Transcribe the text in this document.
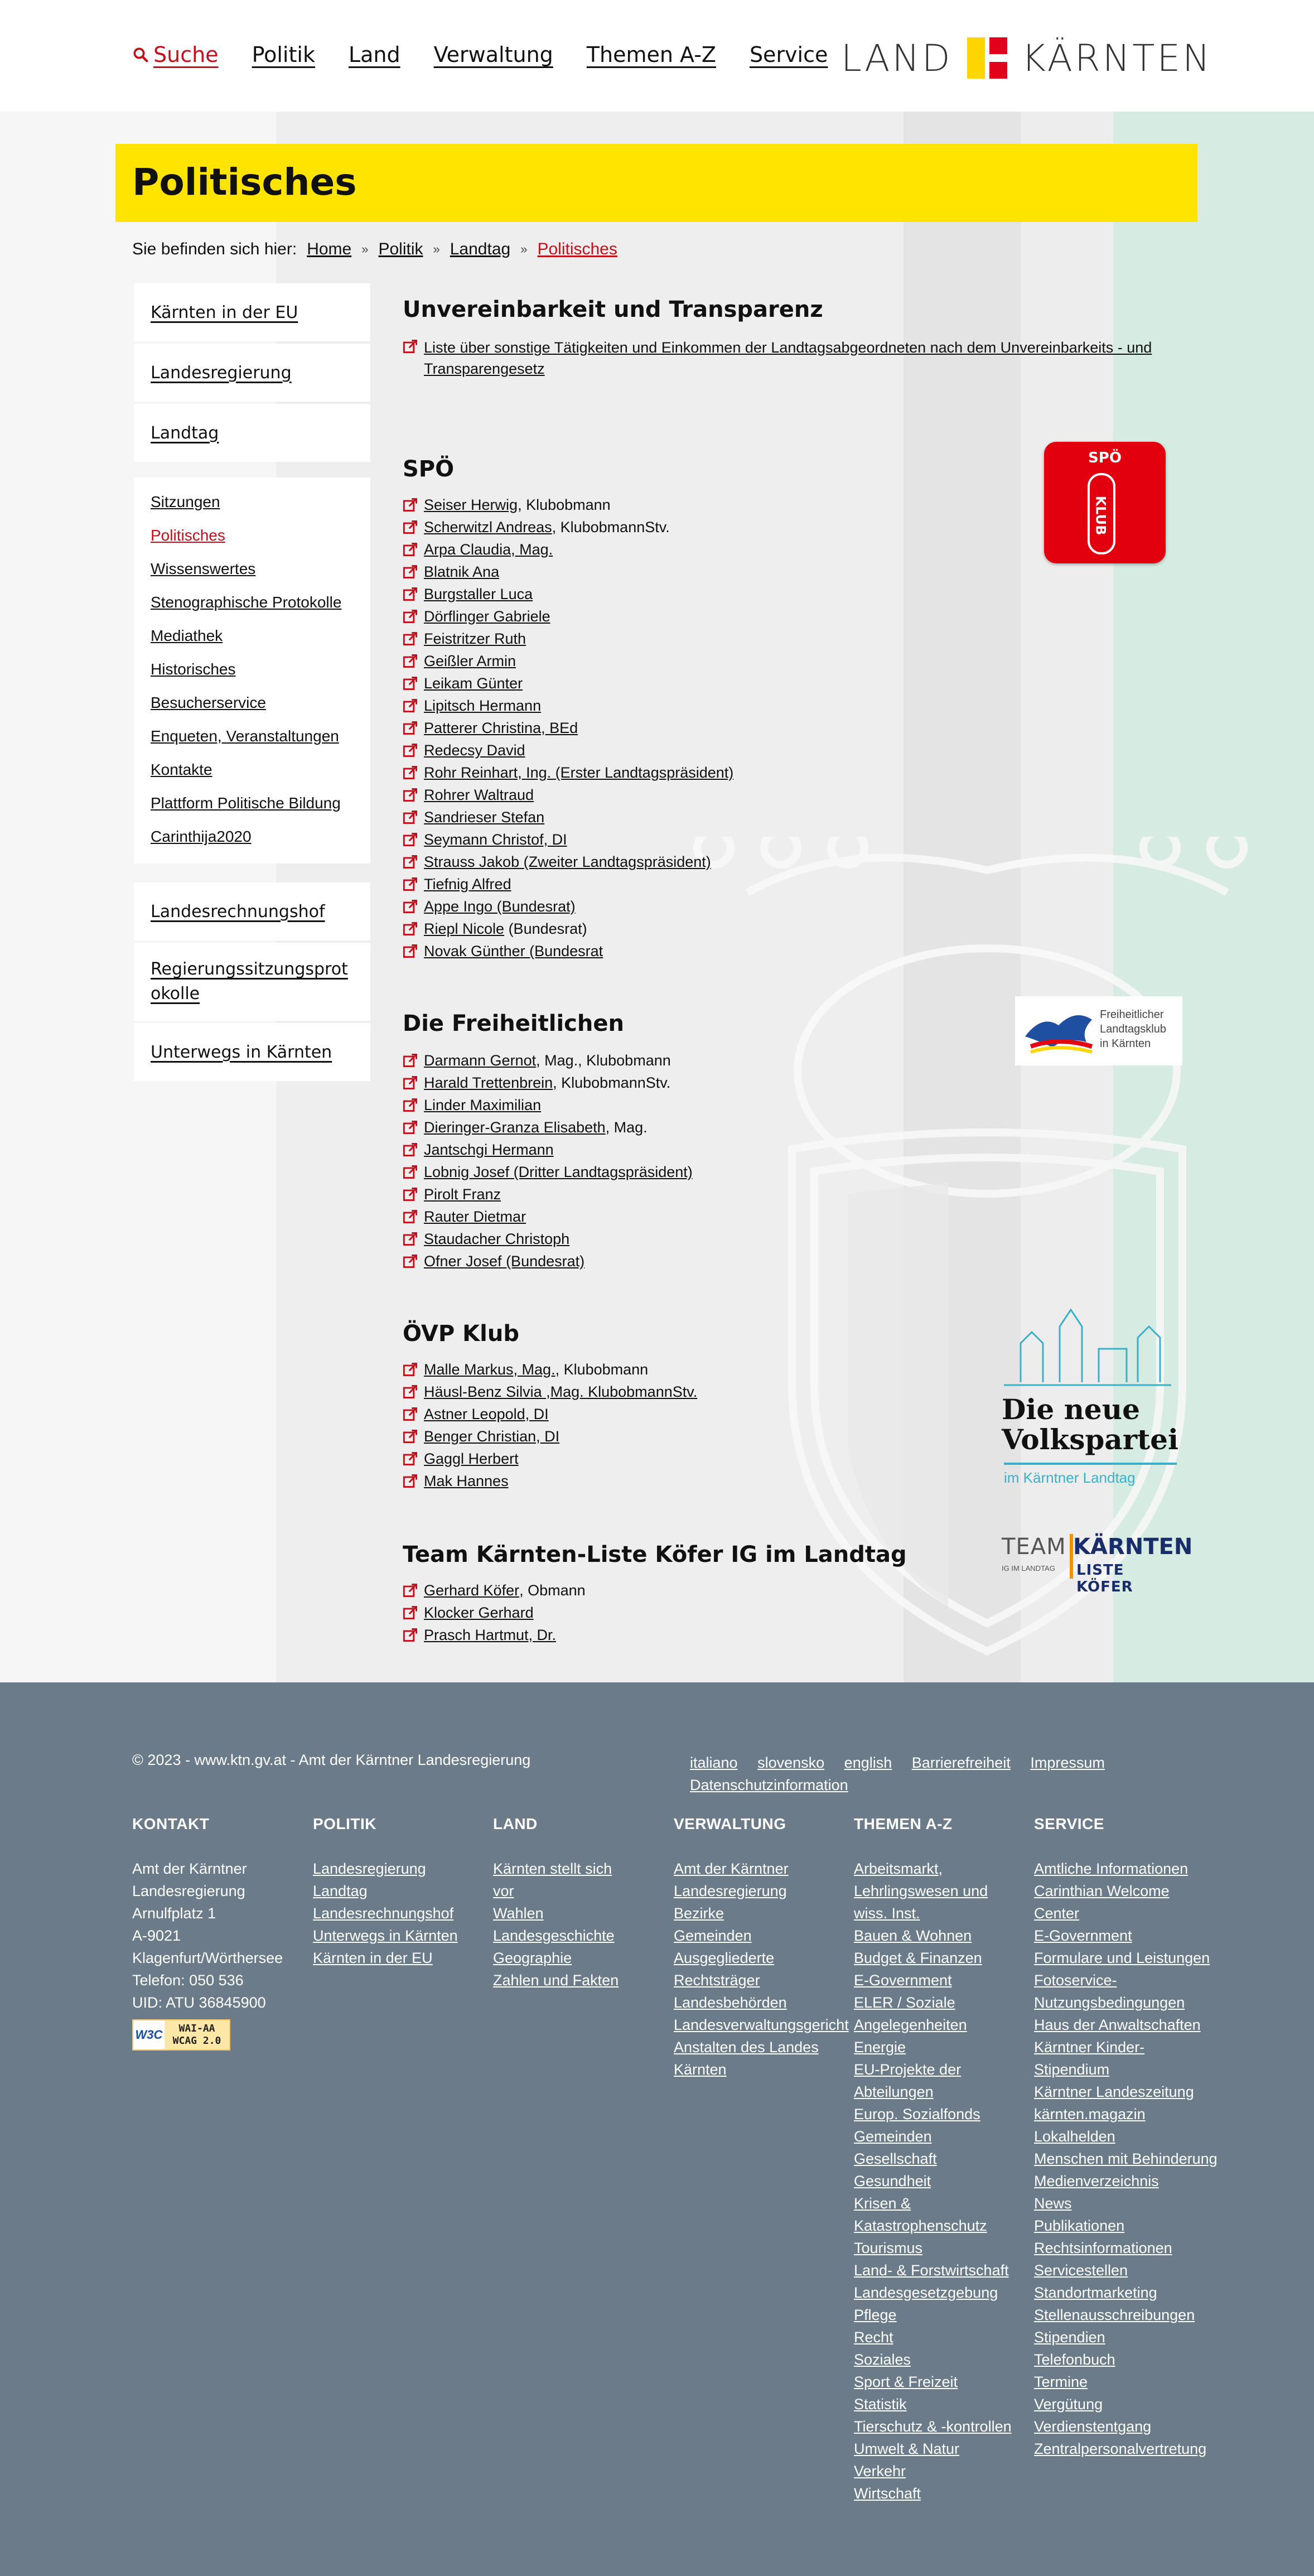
Suche Politik Land Verwaltung Themen A-Z Service LAND KÄRNTEN
Politisches
Sie befinden sich hier: Home » Politik » Landtag » Politisches
Kärnten in der EU
Landesregierung
Landtag
Sitzungen
Politisches
Wissenswertes
Stenographische Protokolle
Mediathek
Historisches
Besucherservice
Enqueten, Veranstaltungen
Kontakte
Plattform Politische Bildung
Carinthija2020
Landesrechnungshof
Regierungssitzungsprotokolle
Unterwegs in Kärnten
Unvereinbarkeit und Transparenz
Liste über sonstige Tätigkeiten und Einkommen der Landtagsabgeordneten nach dem Unvereinbarkeits - und Transparengesetz
SPÖ
Seiser Herwig , Klubobmann
Scherwitzl Andreas , KlubobmannStv.
Arpa Claudia, Mag.
Blatnik Ana
Burgstaller Luca
Dörflinger Gabriele
Feistritzer Ruth
Geißler Armin
Leikam Günter
Lipitsch Hermann
Patterer Christina, BEd
Redecsy David
Rohr Reinhart, Ing. (Erster Landtagspräsident)
Rohrer Waltraud
Sandrieser Stefan
Seymann Christof, DI
Strauss Jakob (Zweiter Landtagspräsident)
Tiefnig Alfred
Appe Ingo (Bundesrat)
Riepl Nicole (Bundesrat)
Novak Günther (Bundesrat
Die Freiheitlichen
Darmann Gernot , Mag., Klubobmann
Harald Trettenbrein , KlubobmannStv.
Linder Maximilian
Dieringer-Granza Elisabeth , Mag.
Jantschgi Hermann
Lobnig Josef (Dritter Landtagspräsident)
Pirolt Franz
Rauter Dietmar
Staudacher Christoph
Ofner Josef (Bundesrat)
ÖVP Klub
Malle Markus, Mag. , Klubobmann
Häusl-Benz Silvia ,Mag. KlubobmannStv.
Astner Leopold, DI
Benger Christian, DI
Gaggl Herbert
Mak Hannes
Team Kärnten-Liste Köfer IG im Landtag
Gerhard Köfer , Obmann
Klocker Gerhard
Prasch Hartmut, Dr.
SPÖ
KLUB
Freiheitlicher Landtagsklub in Kärnten
Die neue
Volkspartei
im Kärntner Landtag
TEAM KÄRNTEN
LISTE KÖFER
IG IM LANDTAG
© 2023 - www.ktn.gv.at - Amt der Kärntner Landesregierung	italiano slovensko english Barrierefreiheit Impressum
Datenschutzinformation
KONTAKT
Amt der Kärntner
Landesregierung
Arnulfplatz 1
A-9021
Klagenfurt/Wörthersee
Telefon: 050 536
UID: ATU 36845900
W3C WAI-AA
WCAG 2.0
POLITIK
Landesregierung
Landtag
Landesrechnungshof
Unterwegs in Kärnten
Kärnten in der EU
LAND
Kärnten stellt sich vor
Wahlen
Landesgeschichte
Geographie
Zahlen und Fakten
VERWALTUNG
Amt der Kärntner Landesregierung
Bezirke
Gemeinden
Ausgegliederte Rechtsträger
Landesbehörden
Landesverwaltungsgericht
Anstalten des Landes Kärnten
THEMEN A-Z
Arbeitsmarkt, Lehrlingswesen und wiss. Inst.
Bauen & Wohnen
Budget & Finanzen
E-Government
ELER / Soziale Angelegenheiten
Energie
EU-Projekte der Abteilungen
Europ. Sozialfonds
Gemeinden
Gesellschaft
Gesundheit
Krisen & Katastrophenschutz
Tourismus
Land- & Forstwirtschaft
Landesgesetzgebung
Pflege
Recht
Soziales
Sport & Freizeit
Statistik
Tierschutz & -kontrollen
Umwelt & Natur
Verkehr
Wirtschaft
SERVICE
Amtliche Informationen
Carinthian Welcome Center
E-Government
Formulare und Leistungen
Fotoservice-Nutzungsbedingungen
Haus der Anwaltschaften
Kärntner Kinder-Stipendium
Kärntner Landeszeitung kärnten.magazin
Lokalhelden
Menschen mit Behinderung
Medienverzeichnis
News
Publikationen
Rechtsinformationen
Servicestellen
Standortmarketing
Stellenausschreibungen
Stipendien
Telefonbuch
Termine
Vergütung
Verdienstentgang
Zentralpersonalvertretung
